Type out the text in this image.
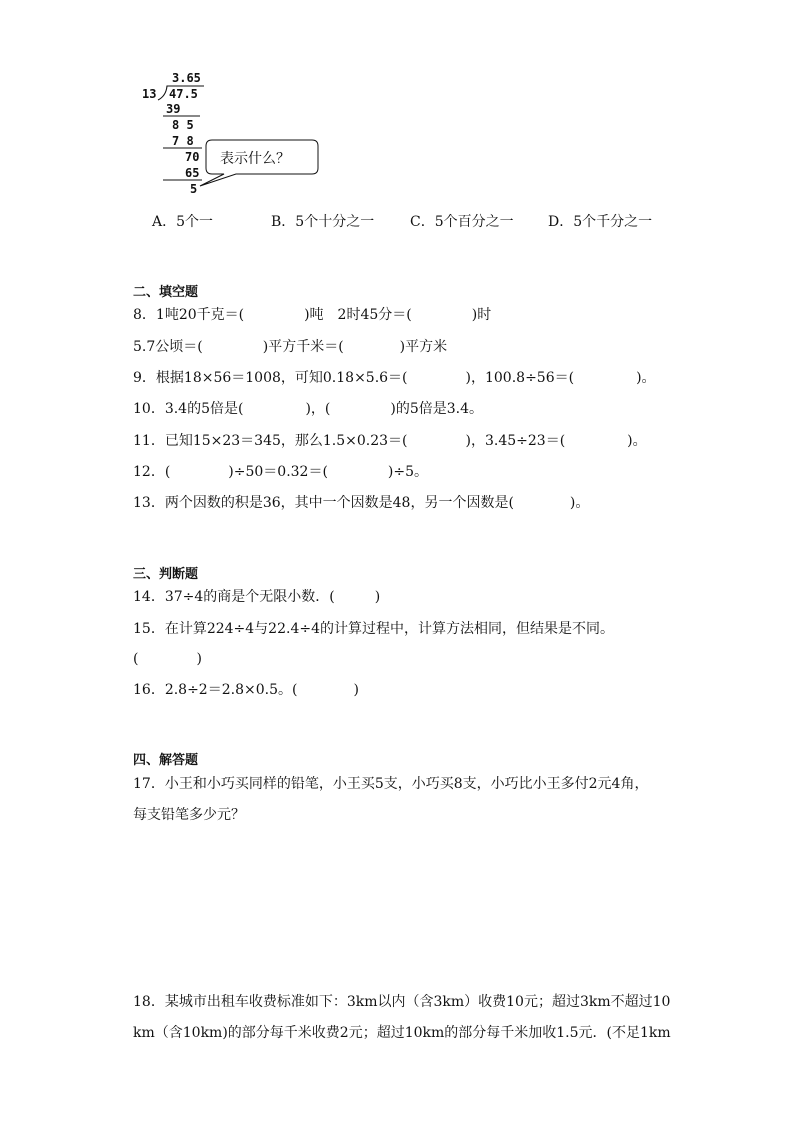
3.65
13 47.5
39
8 5
7 8
70
65
5
表示什么？
A．5个一	B．5个十分之一	C．5个百分之一 D．5个千分之一
二、填空题
8．1吨20千克＝(	)吨　2时45分＝(	)时
5.7公顷＝(	)平方千米＝(	)平方米
9．根据18×56＝1008，可知0.18×5.6＝(	)，100.8÷56＝(	)。
10．3.4的5倍是(	)，(	)的5倍是3.4。
11．已知15×23＝345，那么1.5×0.23＝(	)，3.45÷23＝(	)。
12．(	)÷50＝0.32＝(	)÷5。
13．两个因数的积是36，其中一个因数是48，另一个因数是(	)。
三、判断题
14．37÷4的商是个无限小数．(	)
15．在计算224÷4与22.4÷4的计算过程中，计算方法相同，但结果是不同。
(	)
16．2.8÷2＝2.8×0.5。(	)
四、解答题
17．小王和小巧买同样的铅笔，小王买5支，小巧买8支，小巧比小王多付2元4角，
每支铅笔多少元？
18．某城市出租车收费标准如下：3km以内（含3km）收费10元；超过3km不超过10
km（含10km)的部分每千米收费2元；超过10km的部分每千米加收1.5元．(不足1km
